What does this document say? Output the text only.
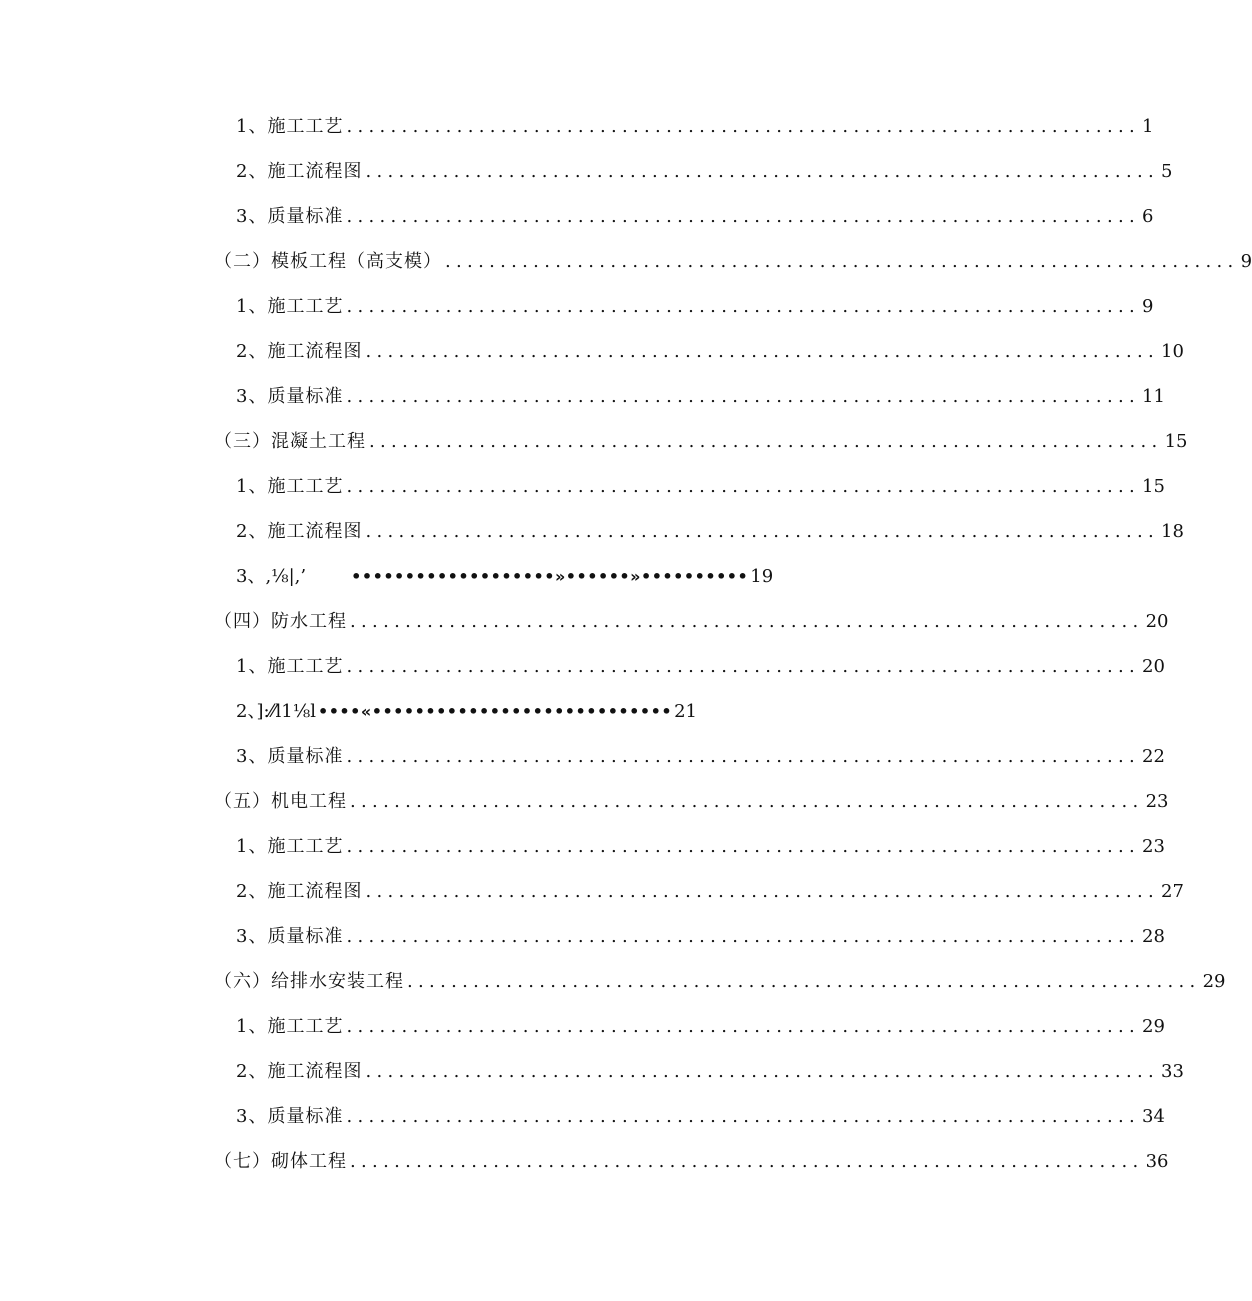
1、施工工艺 ........................................................................ 1
2、施工流程图 ........................................................................ 5
3、质量标准 ........................................................................ 6
（二）模板工程（高支模） ........................................................................ 9
1、施工工艺 ........................................................................ 9
2、施工流程图 ........................................................................ 10
3、质量标准 ........................................................................ 11
（三）混凝土工程 ........................................................................ 15
1、施工工艺 ........................................................................ 15
2、施工流程图 ........................................................................ 18
3、,⅛|,’	•••••••••••••••••••»••••••»•••••••••• 19
（四）防水工程 ........................................................................ 20
1、施工工艺 ........................................................................ 20
2、]:⁄⁄l1⅛l ••••«•••••••••••••••••••••••••••• 21
3、质量标准 ........................................................................ 22
（五）机电工程 ........................................................................ 23
1、施工工艺 ........................................................................ 23
2、施工流程图 ........................................................................ 27
3、质量标准 ........................................................................ 28
（六）给排水安装工程 ........................................................................ 29
1、施工工艺 ........................................................................ 29
2、施工流程图 ........................................................................ 33
3、质量标准 ........................................................................ 34
（七）砌体工程 ........................................................................ 36
